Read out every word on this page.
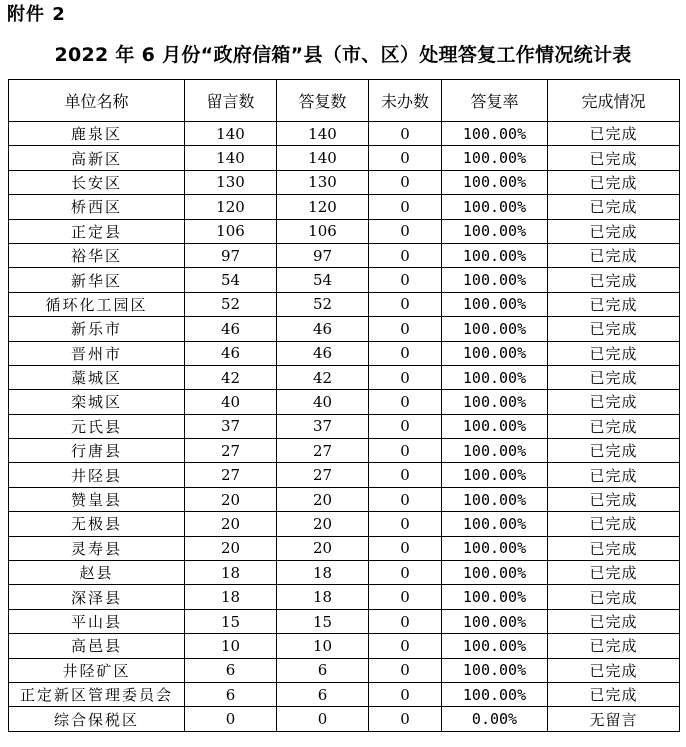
附件 2
2022 年 6 月份“政府信箱”县（市、区）处理答复工作情况统计表
单位名称	留言数	答复数	未办数	答复率	完成情况
鹿泉区	140	140	0	100.00%	已完成
高新区	140	140	0	100.00%	已完成
长安区	130	130	0	100.00%	已完成
桥西区	120	120	0	100.00%	已完成
正定县	106	106	0	100.00%	已完成
裕华区	97	97	0	100.00%	已完成
新华区	54	54	0	100.00%	已完成
循环化工园区	52	52	0	100.00%	已完成
新乐市	46	46	0	100.00%	已完成
晋州市	46	46	0	100.00%	已完成
藁城区	42	42	0	100.00%	已完成
栾城区	40	40	0	100.00%	已完成
元氏县	37	37	0	100.00%	已完成
行唐县	27	27	0	100.00%	已完成
井陉县	27	27	0	100.00%	已完成
赞皇县	20	20	0	100.00%	已完成
无极县	20	20	0	100.00%	已完成
灵寿县	20	20	0	100.00%	已完成
赵县	18	18	0	100.00%	已完成
深泽县	18	18	0	100.00%	已完成
平山县	15	15	0	100.00%	已完成
高邑县	10	10	0	100.00%	已完成
井陉矿区	6	6	0	100.00%	已完成
正定新区管理委员会	6	6	0	100.00%	已完成
综合保税区	0	0	0	0.00%	无留言
